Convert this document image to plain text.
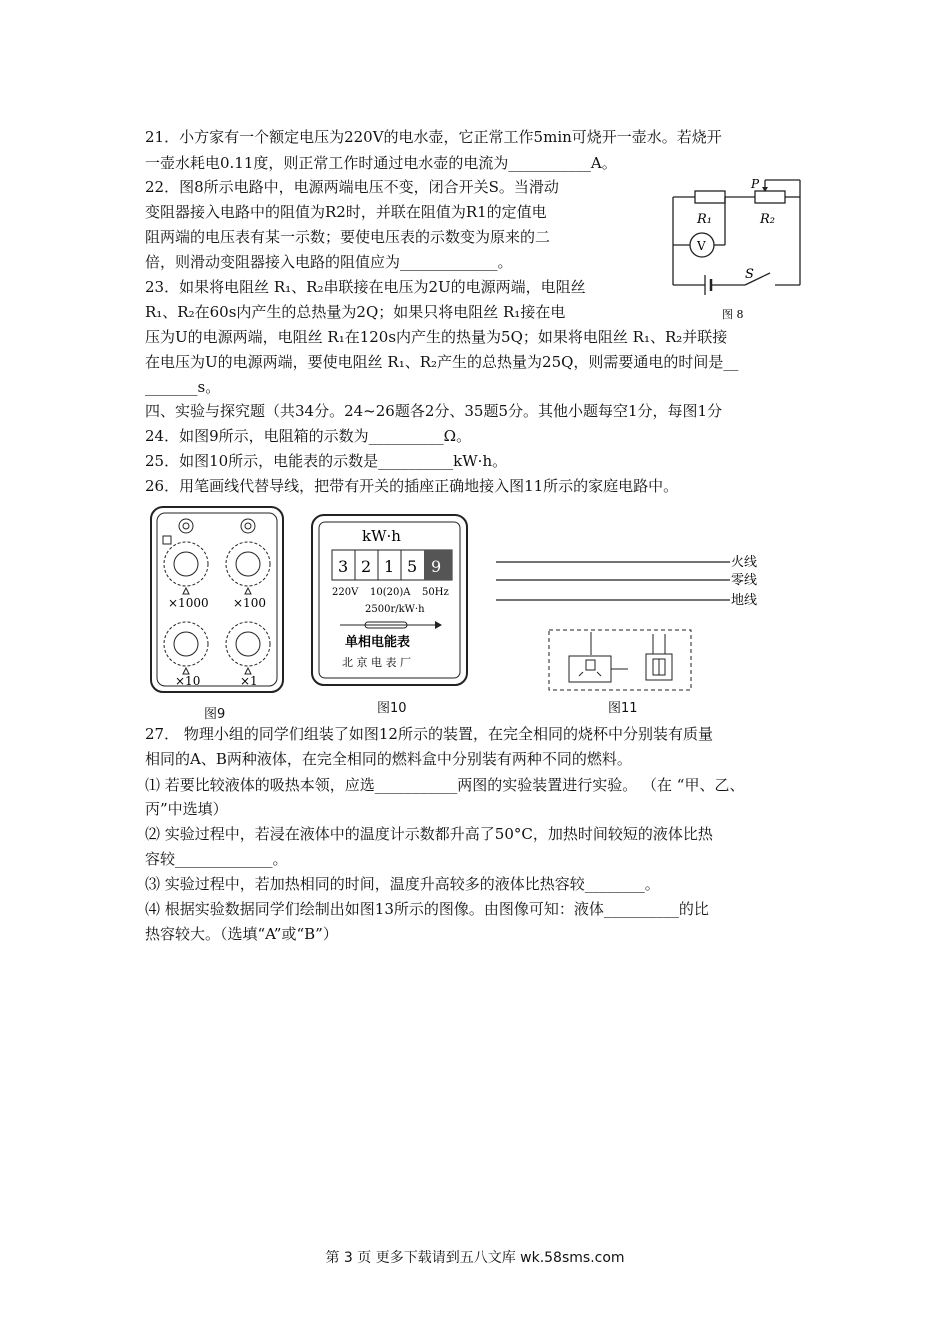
21．小方家有一个额定电压为220V的电水壶，它正常工作5min可烧开一壶水。若烧开
一壶水耗电0.11度，则正常工作时通过电水壶的电流为___________A。
22．图8所示电路中，电源两端电压不变，闭合开关S。当滑动
变阻器接入电路中的阻值为R2时，并联在阻值为R1的定值电
阻两端的电压表有某一示数；要使电压表的示数变为原来的二
倍，则滑动变阻器接入电路的阻值应为_____________。
23．如果将电阻丝 R₁、R₂串联接在电压为2U的电源两端，电阻丝
R₁、R₂在60s内产生的总热量为2Q；如果只将电阻丝 R₁接在电
压为U的电源两端，电阻丝 R₁在120s内产生的热量为5Q；如果将电阻丝 R₁、R₂并联接
在电压为U的电源两端，要使电阻丝 R₁、R₂产生的总热量为25Q，则需要通电的时间是__
_______s。
四、实验与探究题（共34分。24~26题各2分、35题5分。其他小题每空1分，每图1分
24．如图9所示，电阻箱的示数为__________Ω。
25．如图10所示，电能表的示数是__________kW·h。
26．用笔画线代替导线，把带有开关的插座正确地接入图11所示的家庭电路中。
27． 物理小组的同学们组装了如图12所示的装置，在完全相同的烧杯中分别装有质量
相同的A、B两种液体，在完全相同的燃料盒中分别装有两种不同的燃料。
⑴ 若要比较液体的吸热本领，应选___________两图的实验装置进行实验。 （在 “甲、乙、
丙”中选填）
⑵ 实验过程中，若浸在液体中的温度计示数都升高了50°C，加热时间较短的液体比热
容较_____________。
⑶ 实验过程中，若加热相同的时间，温度升高较多的液体比热容较________。
⑷ 根据实验数据同学们绘制出如图13所示的图像。由图像可知：液体__________的比
热容较大。（选填“A”或“B”）
P
R₁	R₂
V
S
图 8
×1000 ×100
×10	×1
图9
kW·h
3 2 1 5 9
220V 10(20)A 50Hz
2500r/kW·h
单相电能表
北 京 电 表 厂
图10
火线
零线
地线
图11
第 3 页 更多下载请到五八文库 wk.58sms.com
